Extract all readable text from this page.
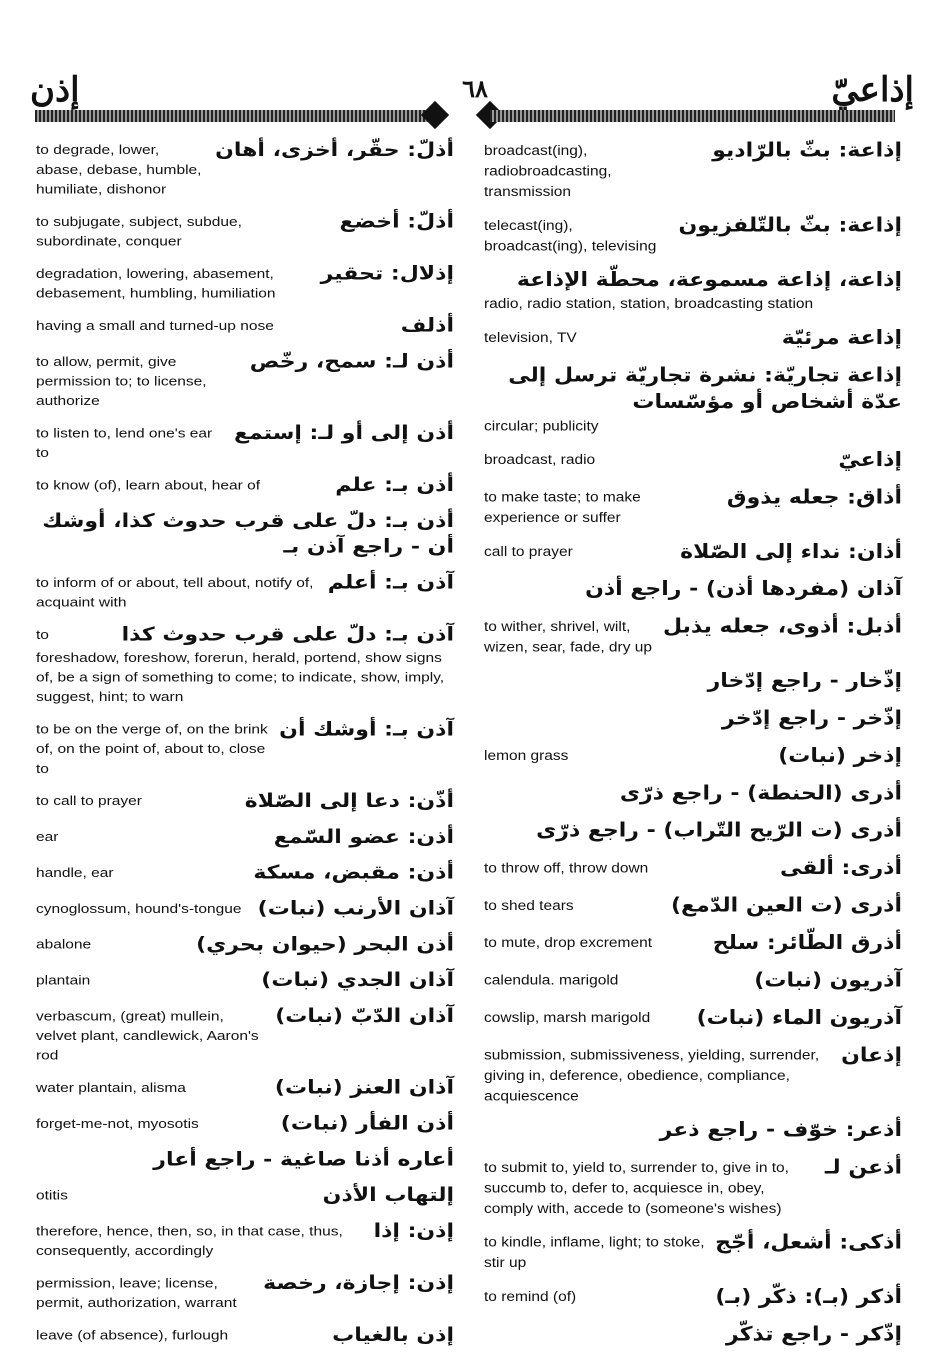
إذن	٦٨	إذاعيّ
أذلّ: حقّر، أخزى، أهان
to degrade, lower, abase, debase, humble, humiliate, dishonor
أذلّ: أخضع
to subjugate, subject, subdue, subordinate, conquer
إذلال: تحقير
degradation, lowering, abasement, debasement, humbling, humiliation
أذلف
having a small and turned-up nose
أذن لـ: سمح، رخّص
to allow, permit, give permission to; to license, authorize
أذن إلى أو لـ: إستمع
to listen to, lend one's ear to
أذن بـ: علم
to know (of), learn about, hear of
أذن بـ: دلّ على قرب حدوث كذا، أوشك أن - راجع آذن بـ
آذن بـ: أعلم
to inform of or about, tell about, notify of, acquaint with
آذن بـ: دلّ على قرب حدوث كذا
to foreshadow, foreshow, forerun, herald, portend, show signs of, be a sign of something to come; to indicate, show, imply, suggest, hint; to warn
آذن بـ: أوشك أن
to be on the verge of, on the brink of, on the point of, about to, close to
أذّن: دعا إلى الصّلاة
to call to prayer
أذن: عضو السّمع
ear
أذن: مقبض، مسكة
handle, ear
آذان الأرنب (نبات)
cynoglossum, hound's-tongue
أذن البحر (حيوان بحري)
abalone
آذان الجدي (نبات)
plantain
آذان الدّبّ (نبات)
verbascum, (great) mullein, velvet plant, candlewick, Aaron's rod
آذان العنز (نبات)
water plantain, alisma
أذن الفأر (نبات)
forget-me-not, myosotis
أعاره أذنا صاغية - راجع أعار
إلتهاب الأذن
otitis
إذن: إذا
therefore, hence, then, so, in that case, thus, consequently, accordingly
إذن: إجازة، رخصة
permission, leave; license, permit, authorization, warrant
إذن بالغياب
leave (of absence), furlough
إذاعة: بثّ بالرّاديو
broadcast(ing), radiobroadcasting, transmission
إذاعة: بثّ بالتّلفزيون
telecast(ing), broadcast(ing), televising
إذاعة، إذاعة مسموعة، محطّة الإذاعة
radio, radio station, station, broadcasting station
إذاعة مرئيّة
television, TV
إذاعة تجاريّة: نشرة تجاريّة ترسل إلى عدّة أشخاص أو مؤسّسات
circular; publicity
إذاعيّ
broadcast, radio
أذاق: جعله يذوق
to make taste; to make experience or suffer
أذان: نداء إلى الصّلاة
call to prayer
آذان (مفردها أذن) - راجع أذن
أذبل: أذوى، جعله يذبل
to wither, shrivel, wilt, wizen, sear, fade, dry up
إذّخار - راجع إدّخار
إذّخر - راجع إدّخر
إذخر (نبات)
lemon grass
أذرى (الحنطة) - راجع ذرّى
أذرى (ت الرّيح التّراب) - راجع ذرّى
أذرى: ألقى
to throw off, throw down
أذرى (ت العين الدّمع)
to shed tears
أذرق الطّائر: سلح
to mute, drop excrement
آذريون (نبات)
calendula. marigold
آذريون الماء (نبات)
cowslip, marsh marigold
إذعان
submission, submissiveness, yielding, surrender, giving in, deference, obedience, compliance, acquiescence
أذعر: خوّف - راجع ذعر
أذعن لـ
to submit to, yield to, surrender to, give in to, succumb to, defer to, acquiesce in, obey, comply with, accede to (someone's wishes)
أذكى: أشعل، أجّج
to kindle, inflame, light; to stoke, stir up
أذكر (بـ): ذكّر (بـ)
to remind (of)
إذّكر - راجع تذكّر
